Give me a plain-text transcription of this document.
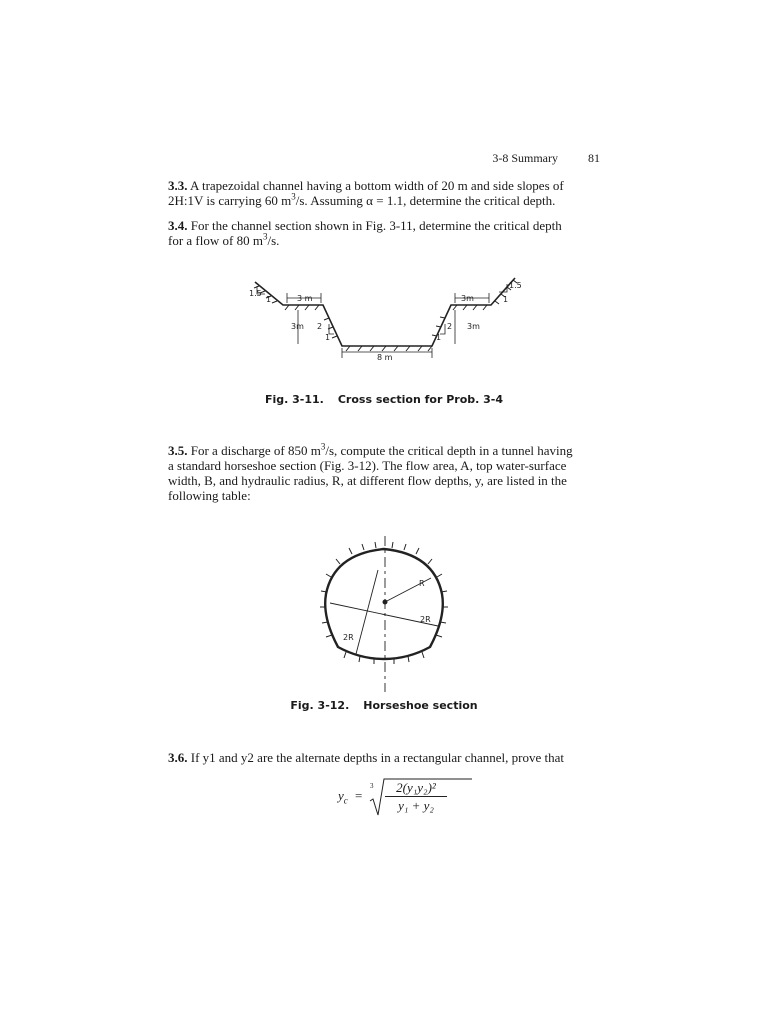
3-8 Summary	81
3.3. A trapezoidal channel having a bottom width of 20 m and side slopes of
2H:1V is carrying 60 $m^3/s$. Assuming α = 1.1, determine the critical depth.
3.4. For the channel section shown in Fig. 3-11, determine the critical depth
for a flow of 80 $m^3/s$.
1.5
1	3 m
3m 2
1
8 m
2
1
3m
3m
1.5
1
Fig. 3-11. Cross section for Prob. 3-4
3.5. For a discharge of 850 $m^3/s$, compute the critical depth in a tunnel having
a standard horseshoe section (Fig. 3-12). The flow area, A, top water-surface
width, B, and hydraulic radius, R, at different flow depths, y, are listed in the
following table:
R
2R
2R
Fig. 3-12. Horseshoe section
3.6. If y1 and y2 are the alternate depths in a rectangular channel, prove that
$y_c$ =
3	2(y₁y₂)²
y₁ + y₂
